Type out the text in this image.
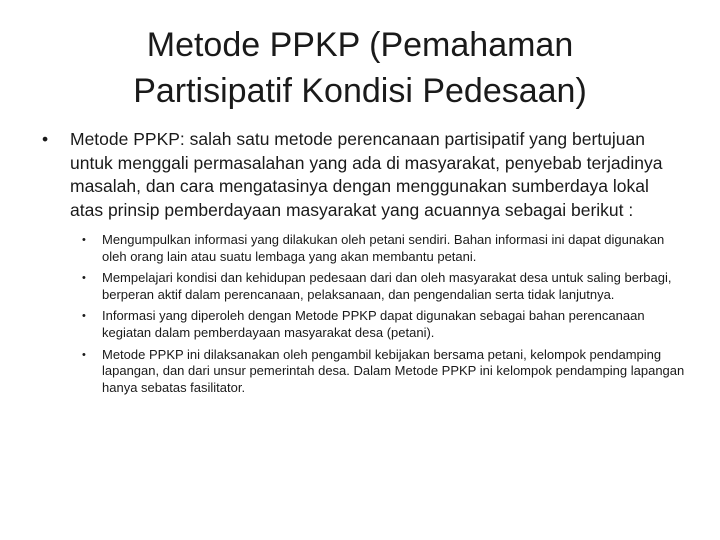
Metode PPKP (Pemahaman
Partisipatif Kondisi Pedesaan)
• Metode PPKP: salah satu metode perencanaan partisipatif yang bertujuan untuk menggali permasalahan yang ada di masyarakat, penyebab terjadinya masalah, dan cara mengatasinya dengan menggunakan sumberdaya lokal atas prinsip pemberdayaan masyarakat yang acuannya sebagai berikut :
• Mengumpulkan informasi yang dilakukan oleh petani sendiri. Bahan informasi ini dapat digunakan oleh orang lain atau suatu lembaga yang akan membantu petani.
• Mempelajari kondisi dan kehidupan pedesaan dari dan oleh masyarakat desa untuk saling berbagi, berperan aktif dalam perencanaan, pelaksanaan, dan pengendalian serta tidak lanjutnya.
• Informasi yang diperoleh dengan Metode PPKP dapat digunakan sebagai bahan perencanaan kegiatan dalam pemberdayaan masyarakat desa (petani).
• Metode PPKP ini dilaksanakan oleh pengambil kebijakan bersama petani, kelompok pendamping lapangan, dan dari unsur pemerintah desa. Dalam Metode PPKP ini kelompok pendamping lapangan hanya sebatas fasilitator.
